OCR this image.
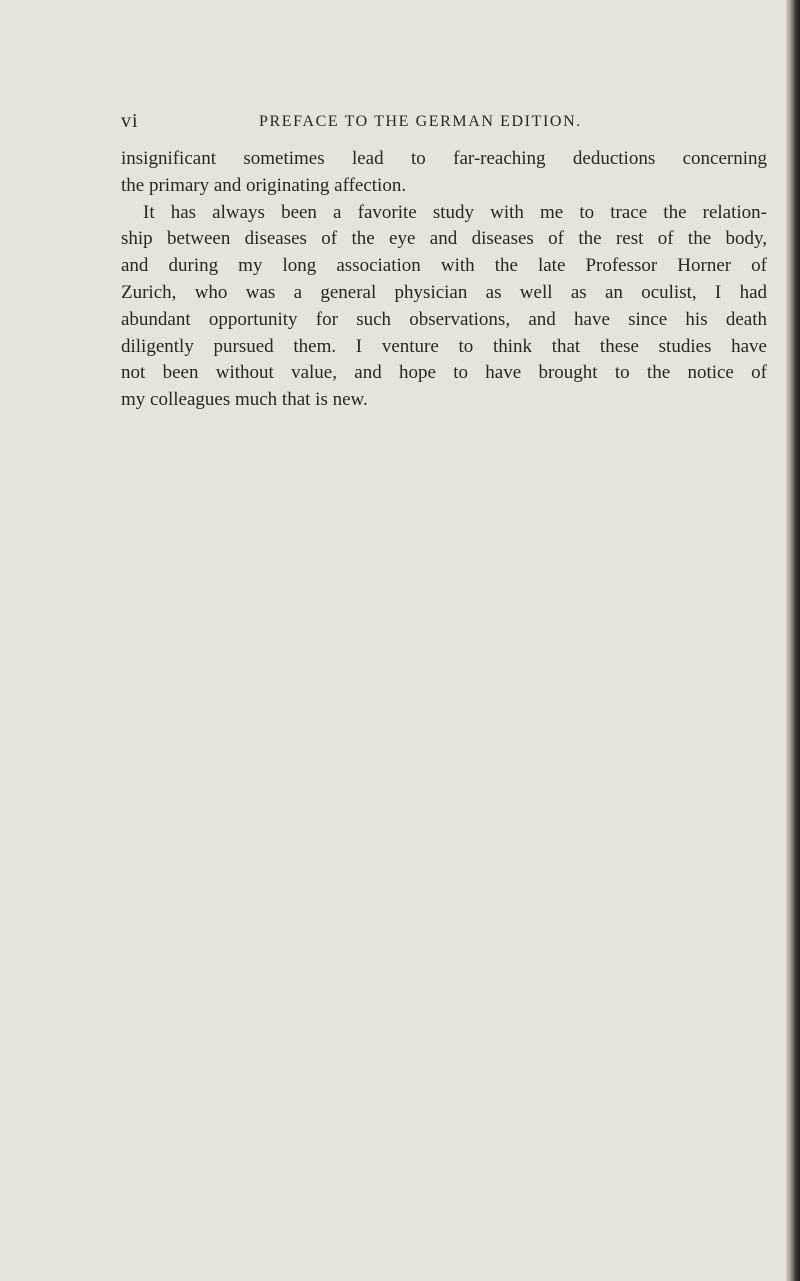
vi	PREFACE TO THE GERMAN EDITION.
insignificant sometimes lead to far-reaching deductions concerning
the primary and originating affection.
It has always been a favorite study with me to trace the relation-
ship between diseases of the eye and diseases of the rest of the body,
and during my long association with the late Professor Horner of
Zurich, who was a general physician as well as an oculist, I had
abundant opportunity for such observations, and have since his death
diligently pursued them. I venture to think that these studies have
not been without value, and hope to have brought to the notice of
my colleagues much that is new.
